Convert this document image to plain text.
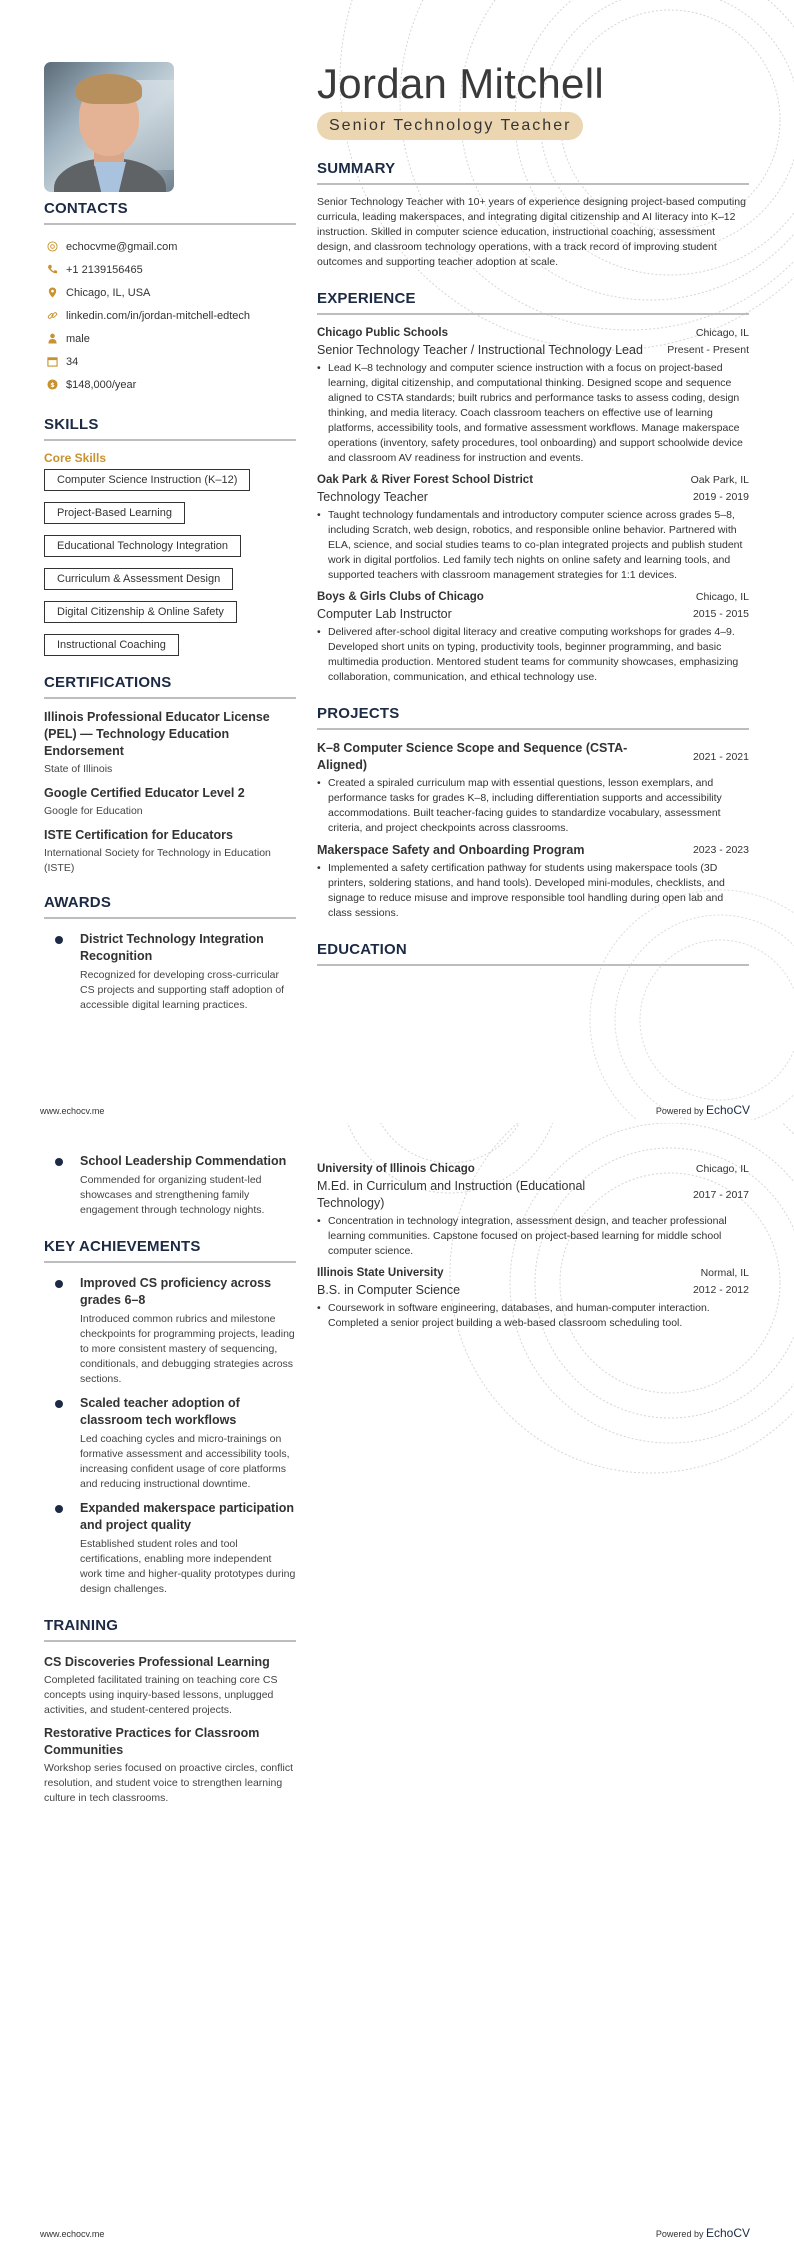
CONTACTS
echocvme@gmail.com
+1 2139156465
Chicago, IL, USA
linkedin.com/in/jordan-mitchell-edtech
male
34
$ $148,000/year
SKILLS
Core Skills
Computer Science Instruction (K–12)
Project-Based Learning
Educational Technology Integration
Curriculum & Assessment Design
Digital Citizenship & Online Safety
Instructional Coaching
CERTIFICATIONS
Illinois Professional Educator License (PEL) — Technology Education Endorsement
State of Illinois
Google Certified Educator Level 2
Google for Education
ISTE Certification for Educators
International Society for Technology in Education (ISTE)
AWARDS
District Technology Integration Recognition
Recognized for developing cross-curricular CS projects and supporting staff adoption of accessible digital learning practices.
Jordan Mitchell
Senior Technology Teacher
SUMMARY
Senior Technology Teacher with 10+ years of experience designing project-based computing curricula, leading makerspaces, and integrating digital citizenship and AI literacy into K–12 instruction. Skilled in computer science education, instructional coaching, assessment design, and classroom technology operations, with a track record of improving student outcomes and supporting teacher adoption at scale.
EXPERIENCE
Chicago Public Schools	Chicago, IL
Senior Technology Teacher / Instructional Technology Lead Present - Present
• Lead K–8 technology and computer science instruction with a focus on project-based learning, digital citizenship, and computational thinking. Designed scope and sequence aligned to CSTA standards; built rubrics and performance tasks to assess coding, design thinking, and media literacy. Coach classroom teachers on effective use of learning platforms, accessibility tools, and formative assessment workflows. Manage makerspace operations (inventory, safety procedures, tool onboarding) and support schoolwide device and classroom AV readiness for instruction and events.
Oak Park & River Forest School District	Oak Park, IL
Technology Teacher	2019 - 2019
• Taught technology fundamentals and introductory computer science across grades 5–8, including Scratch, web design, robotics, and responsible online behavior. Partnered with ELA, science, and social studies teams to co-plan integrated projects and publish student work in digital portfolios. Led family tech nights on online safety and learning tools, and supported teachers with classroom management strategies for 1:1 devices.
Boys & Girls Clubs of Chicago	Chicago, IL
Computer Lab Instructor	2015 - 2015
• Delivered after-school digital literacy and creative computing workshops for grades 4–9. Developed short units on typing, productivity tools, beginner programming, and basic multimedia production. Mentored student teams for community showcases, emphasizing collaboration, communication, and ethical technology use.
PROJECTS
K–8 Computer Science Scope and Sequence (CSTA-Aligned)
2021 - 2021
• Created a spiraled curriculum map with essential questions, lesson exemplars, and performance tasks for grades K–8, including differentiation supports and accessibility accommodations. Built teacher-facing guides to standardize vocabulary, assessment criteria, and project checkpoints across classrooms.
Makerspace Safety and Onboarding Program	2023 - 2023
• Implemented a safety certification pathway for students using makerspace tools (3D printers, soldering stations, and hand tools). Developed mini-modules, checklists, and signage to reduce misuse and improve responsible tool handling during open lab and class sessions.
EDUCATION
www.echocv.me	Powered by EchoCV
School Leadership Commendation
Commended for organizing student-led showcases and strengthening family engagement through technology nights.
KEY ACHIEVEMENTS
Improved CS proficiency across grades 6–8
Introduced common rubrics and milestone checkpoints for programming projects, leading to more consistent mastery of sequencing, conditionals, and debugging strategies across sections.
Scaled teacher adoption of classroom tech workflows
Led coaching cycles and micro-trainings on formative assessment and accessibility tools, increasing confident usage of core platforms and reducing instructional downtime.
Expanded makerspace participation and project quality
Established student roles and tool certifications, enabling more independent work time and higher-quality prototypes during design challenges.
TRAINING
CS Discoveries Professional Learning
Completed facilitated training on teaching core CS concepts using inquiry-based lessons, unplugged activities, and student-centered projects.
Restorative Practices for Classroom Communities
Workshop series focused on proactive circles, conflict resolution, and student voice to strengthen learning culture in tech classrooms.
University of Illinois Chicago	Chicago, IL
M.Ed. in Curriculum and Instruction (Educational Technology)
2017 - 2017
• Concentration in technology integration, assessment design, and teacher professional learning communities. Capstone focused on project-based learning for middle school computer science.
Illinois State University	Normal, IL
B.S. in Computer Science	2012 - 2012
• Coursework in software engineering, databases, and human-computer interaction. Completed a senior project building a web-based classroom scheduling tool.
www.echocv.me	Powered by EchoCV
